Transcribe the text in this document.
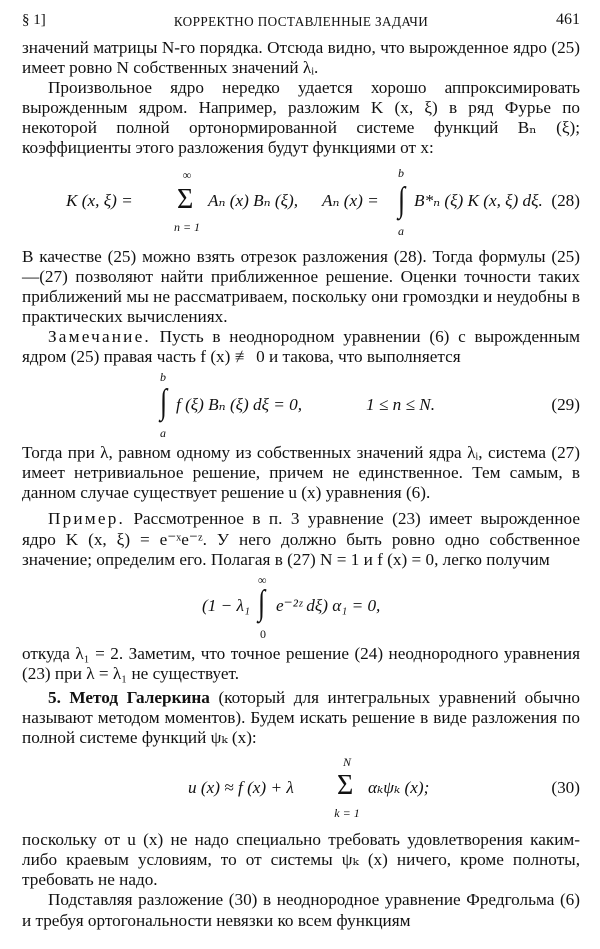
§ 1]	КОРРЕКТНО ПОСТАВЛЕННЫЕ ЗАДАЧИ	461

значений матрицы N-го порядка. Отсюда видно, что вырожденное ядро (25) имеет ровно N собственных значений λᵢ.

Произвольное ядро нередко удается хорошо аппроксимировать вырожденным ядром. Например, разложим K (x, ξ) в ряд Фурье по некоторой полной ортонормированной системе функций Bₙ (ξ); коэффициенты этого разложения будут функциями от x:

K (x, ξ) =
∞
Σ
n = 1
Aₙ (x) Bₙ (ξ), Aₙ (x) =
b
∫
a
B*ₙ (ξ) K (x, ξ) dξ. (28)

В качестве (25) можно взять отрезок разложения (28). Тогда формулы (25)—(27) позволяют найти приближенное решение. Оценки точности таких приближений мы не рассматриваем, поскольку они громоздки и неудобны в практических вычислениях.

Замечание. Пусть в неоднородном уравнении (6) с вырожденным ядром (25) правая часть f (x) ≢ 0 и такова, что выполняется

b
∫
a
f (ξ) Bₙ (ξ) dξ = 0,	1 ≤ n ≤ N.	(29)

Тогда при λ, равном одному из собственных значений ядра λᵢ, система (27) имеет нетривиальное решение, причем не единственное. Тем самым, в данном случае существует решение u (x) уравнения (6).

Пример. Рассмотренное в п. 3 уравнение (23) имеет вырожденное ядро K (x, ξ) = e⁻ˣe⁻ᶻ. У него должно быть ровно одно собственное значение; определим его. Полагая в (27) N = 1 и f (x) = 0, легко получим

(1 − λ₁
∞
∫
0
e⁻²ᶻ dξ) α₁ = 0,

откуда λ₁ = 2. Заметим, что точное решение (24) неоднородного уравнения (23) при λ = λ₁ не существует.

5. Метод Галеркина (который для интегральных уравнений обычно называют методом моментов). Будем искать решение в виде разложения по полной системе функций ψₖ (x):

u (x) ≈ f (x) + λ
N
Σ
k = 1
αₖψₖ (x);	(30)

поскольку от u (x) не надо специально требовать удовлетворения каким-либо краевым условиям, то от системы ψₖ (x) ничего, кроме полноты, требовать не надо.

Подставляя разложение (30) в неоднородное уравнение Фредгольма (6) и требуя ортогональности невязки ко всем функциям
